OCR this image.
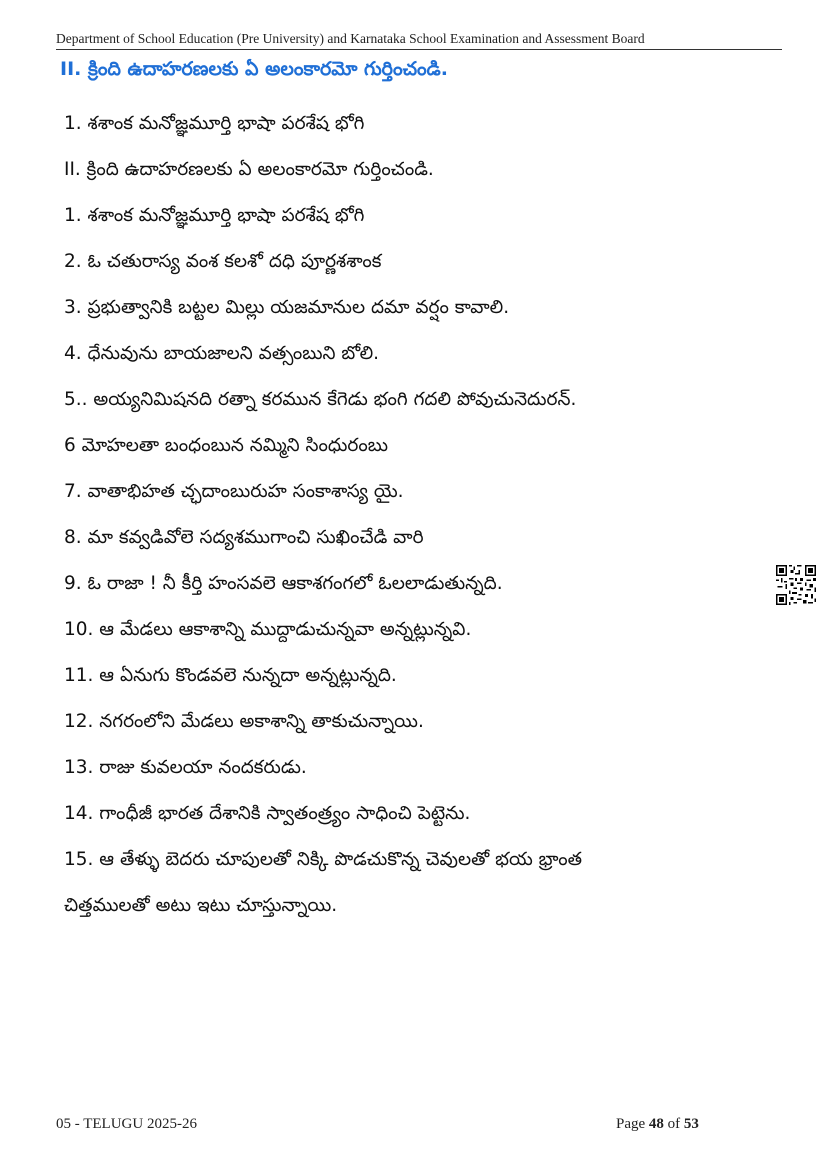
Department of School Education (Pre University) and Karnataka School Examination and Assessment Board
II. క్రింది ఉదాహరణలకు ఏ అలంకారమో గుర్తించండి.
1. శశాంక మనోజ్ఞమూర్తి భాషా పరశేష భోగి
II. క్రింది ఉదాహరణలకు ఏ అలంకారమో గుర్తించండి.
1. శశాంక మనోజ్ఞమూర్తి భాషా పరశేష భోగి
2. ఓ చతురాస్య వంశ కలశో దధి పూర్ణశశాంక
3. ప్రభుత్వానికి బట్టల మిల్లు యజమానుల దమా వర్షం కావాలి.
4. ధేనువును బాయజాలని వత్సంబుని బోలి.
5.. అయ్యనిమిషనది రత్నా కరమున కేగెడు భంగి గదలి పోవుచునెదురన్.
6 మోహలతా బంధంబున నమ్మిని సింధురంబు
7. వాతాభిహత చ్ఛదాంబురుహ సంకాశాస్య యై.
8. మా కవ్వడివోలె సద్యశముగాంచి సుఖించేడి వారి
9. ఓ రాజా ! నీ కీర్తి హంసవలె ఆకాశగంగలో ఓలలాడుతున్నది.
10. ఆ మేడలు ఆకాశాన్ని ముద్దాడుచున్నవా అన్నట్లున్నవి.
11. ఆ ఏనుగు కొండవలె నున్నదా అన్నట్లున్నది.
12. నగరంలోని మేడలు అకాశాన్ని తాకుచున్నాయి.
13. రాజు కువలయా నందకరుడు.
14. గాంధీజీ భారత దేశానికి స్వాతంత్ర్యం సాధించి పెట్టెను.
15. ఆ తేళ్ళు బెదరు చూపులతో నిక్కి పొడచుకొన్న చెవులతో భయ భ్రాంత
చిత్తములతో అటు ఇటు చూస్తున్నాయి.
05 - TELUGU 2025-26	Page 48 of 53
